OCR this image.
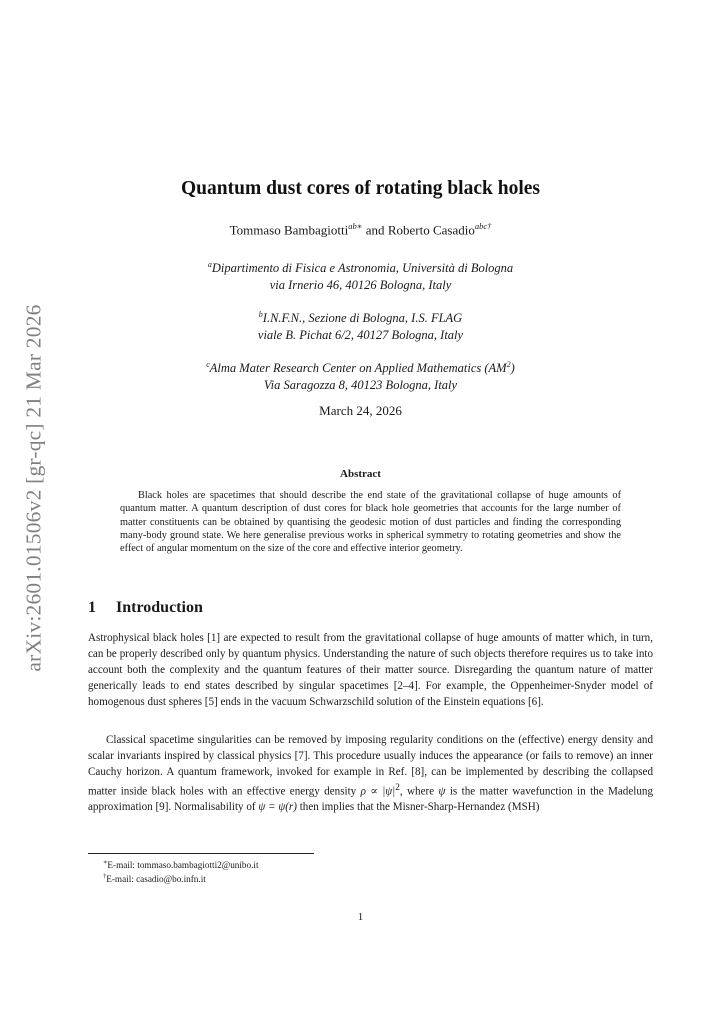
arXiv:2601.01506v2 [gr-qc] 21 Mar 2026
Quantum dust cores of rotating black holes
Tommaso Bambagiotti$^{ab∗}$ and Roberto Casadio$^{abc\dagger}$
$^a$Dipartimento di Fisica e Astronomia, Università di Bologna
via Irnerio 46, 40126 Bologna, Italy
$^b$I.N.F.N., Sezione di Bologna, I.S. FLAG
viale B. Pichat 6/2, 40127 Bologna, Italy
$^c$Alma Mater Research Center on Applied Mathematics $(AM^2)$
Via Saragozza 8, 40123 Bologna, Italy
March 24, 2026
Abstract
Black holes are spacetimes that should describe the end state of the gravitational collapse of huge amounts of quantum matter. A quantum description of dust cores for black hole geometries that accounts for the large number of matter constituents can be obtained by quantising the geodesic motion of dust particles and finding the corresponding many-body ground state. We here generalise previous works in spherical symmetry to rotating geometries and show the effect of angular momentum on the size of the core and effective interior geometry.
1 Introduction
Astrophysical black holes [1] are expected to result from the gravitational collapse of huge amounts of matter which, in turn, can be properly described only by quantum physics. Understanding the nature of such objects therefore requires us to take into account both the complexity and the quantum features of their matter source. Disregarding the quantum nature of matter generically leads to end states described by singular spacetimes [2–4]. For example, the Oppenheimer-Snyder model of homogenous dust spheres [5] ends in the vacuum Schwarzschild solution of the Einstein equations [6].
Classical spacetime singularities can be removed by imposing regularity conditions on the (effective) energy density and scalar invariants inspired by classical physics [7]. This procedure usually induces the appearance (or fails to remove) an inner Cauchy horizon. A quantum framework, invoked for example in Ref. [8], can be implemented by describing the collapsed matter inside black holes with an effective energy density $\rho \propto |\psi|^2$, where ψ is the matter wavefunction in the Madelung approximation [9]. Normalisability of ψ = ψ(r) then implies that the Misner-Sharp-Hernandez (MSH)
∗E-mail: tommaso.bambagiotti2@unibo.it
†E-mail: casadio@bo.infn.it
1
